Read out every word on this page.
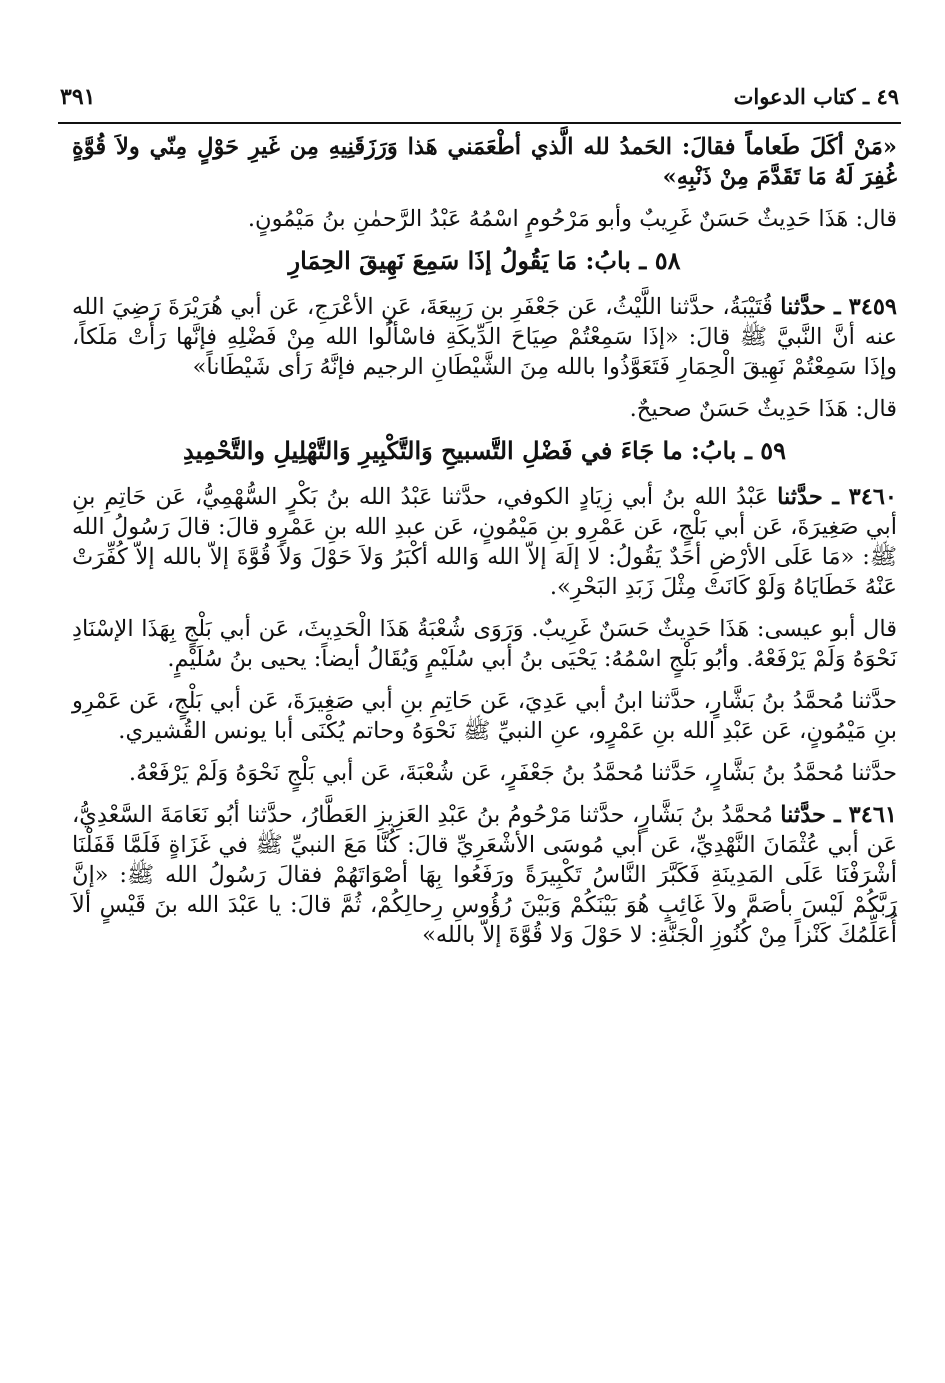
٤٩ ـ كتاب الدعوات
٣٩١

«مَنْ أكَلَ طَعاماً فقالَ: الحَمدُ لله الَّذي أطْعَمَني هَذا وَرَزَقَنِيهِ مِن غَيرِ حَوْلٍ مِنّي ولاَ قُوَّةٍ غُفِرَ لَهُ مَا تَقَدَّمَ مِنْ ذَنْبِهِ»

قال: هَذَا حَدِيثٌ حَسَنٌ غَرِيبٌ وأبو مَرْحُومٍ اسْمُهُ عَبْدُ الرَّحمٰنِ بنُ مَيْمُونٍ.

٥٨ ـ بابُ: مَا يَقُولُ إذَا سَمِعَ نَهِيقَ الحِمَارِ

٣٤٥٩ ـ حدَّثنا قُتَيْبَةُ، حدَّثنا اللَّيْثُ، عَن جَعْفَرِ بنِ رَبِيعَةَ، عَنِ الأعْرَجِ، عَن أبي هُرَيْرَةَ رَضِيَ الله عنه أنَّ النَّبيَّ ﷺ قالَ: «إذَا سَمِعْتُمْ صِيَاحَ الدِّيكَةِ فاسْألُوا الله مِنْ فَضْلِهِ فإنَّها رَأَتْ مَلَكاً، وإذَا سَمِعْتُمْ نَهِيقَ الْحِمَارِ فَتَعَوَّذُوا بالله مِنَ الشَّيْطَانِ الرجيم فإنَّهُ رَأى شَيْطَاناً»

قال: هَذَا حَدِيثٌ حَسَنٌ صحيحٌ.

٥٩ ـ بابُ: ما جَاءَ في فَضْلِ التَّسبيحِ وَالتَّكْبِيرِ وَالتَّهْلِيلِ والتَّحْمِيدِ

٣٤٦٠ ـ حدَّثنا عَبْدُ الله بنُ أبي زِيَادٍ الكوفي، حدَّثنا عَبْدُ الله بنُ بَكْرٍ السُّهْمِيُّ، عَن حَاتِمِ بنِ أبي صَغِيرَةَ، عَن أبي بَلْجٍ، عَن عَمْرِو بنِ مَيْمُونٍ، عَن عبدِ الله بنِ عَمْرٍو قالَ: قالَ رَسُولُ الله ﷺ: «مَا عَلَى الأرْضِ أحَدٌ يَقُولُ: لا إلَهَ إلاّ الله وَالله أكْبَرُ وَلاَ حَوْلَ وَلاَ قُوَّةَ إلاّ بالله إلاّ كُفِّرَتْ عَنْهُ خَطَايَاهُ وَلَوْ كَانَتْ مِثْلَ زَبَدِ البَحْرِ».

قال أبو عيسى: هَذَا حَدِيثٌ حَسَنٌ غَرِيبٌ. وَرَوَى شُعْبَةُ هَذَا الْحَدِيثَ، عَن أبي بَلْجٍ بِهَذَا الإسْنَادِ نَحْوَهُ وَلَمْ يَرْفَعْهُ. وأبُو بَلْجٍ اسْمُهُ: يَحْيَى بنُ أبي سُلَيْمٍ وَيُقَالُ أيضاً: يحيى بنُ سُلَيْمٍ.

حدَّثنا مُحمَّدُ بنُ بَشَّارٍ، حدَّثنا ابنُ أبي عَدِيَ، عَن حَاتِمِ بنِ أبي صَغِيرَةَ، عَن أبي بَلْجٍ، عَن عَمْرِو بنِ مَيْمُونٍ، عَن عَبْدِ الله بنِ عَمْرٍو، عنِ النبيِّ ﷺ نَحْوَهُ وحاتم يُكْنَى أبا يونس القُشيري.

حدَّثنا مُحمَّدُ بنُ بَشَّارٍ، حَدَّثنا مُحمَّدُ بنُ جَعْفَرٍ، عَن شُعْبَةَ، عَن أبي بَلْجٍ نَحْوَهُ وَلَمْ يَرْفَعْهُ.

٣٤٦١ ـ حدَّثنا مُحمَّدُ بنُ بَشَّارٍ، حدَّثنا مَرْحُومُ بنُ عَبْدِ العَزِيزِ العَطَّارُ، حدَّثنا أبُو نَعَامَةَ السَّعْدِيُّ، عَن أبي عُثْمَانَ النَّهْدِيِّ، عَن أبي مُوسَى الأشْعَرِيِّ قالَ: كُنَّا مَعَ النبيِّ ﷺ في غَزَاةٍ فَلَمَّا قَفَلْنَا أشْرَفْنَا عَلَى المَدِينَةِ فَكَبَّرَ النَّاسُ تَكْبِيرَةً ورَفَعُوا بِهَا أصْوَاتَهُمْ فقالَ رَسُولُ الله ﷺ: «إنَّ رَبَّكُمْ لَيْسَ بأصَمَّ ولاَ غَائِبٍ هُوَ بَيْنَكُمْ وَبَيْنَ رُؤُوسِ رِحالِكُمْ، ثُمَّ قالَ: يا عَبْدَ الله بنَ قَيْسٍ ألاَ أُعَلِّمُكَ كَنْزاً مِنْ كُنُوزِ الْجَنَّةِ: لا حَوْلَ وَلا قُوَّةَ إلاّ بالله»
